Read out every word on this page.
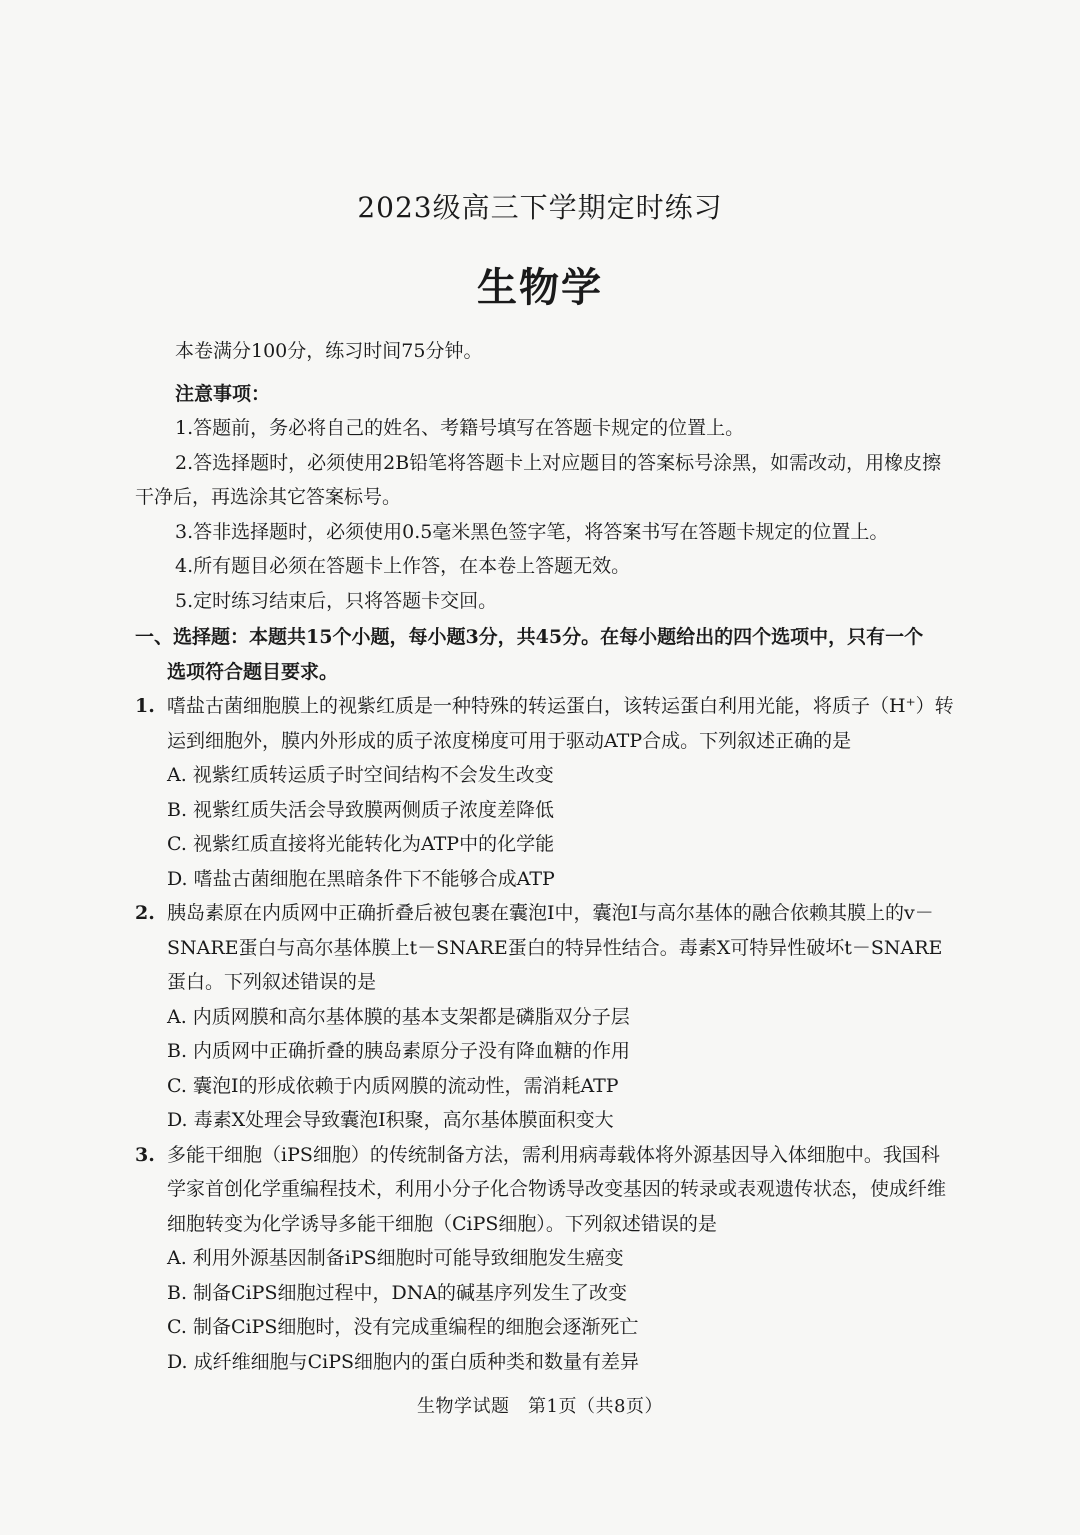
2023级高三下学期定时练习
生物学

本卷满分100分，练习时间75分钟。

注意事项：

1.答题前，务必将自己的姓名、考籍号填写在答题卡规定的位置上。

2.答选择题时，必须使用2B铅笔将答题卡上对应题目的答案标号涂黑，如需改动，用橡皮擦干净后，再选涂其它答案标号。

3.答非选择题时，必须使用0.5毫米黑色签字笔，将答案书写在答题卡规定的位置上。

4.所有题目必须在答题卡上作答，在本卷上答题无效。

5.定时练习结束后，只将答题卡交回。

一、选择题：本题共15个小题，每小题3分，共45分。在每小题给出的四个选项中，只有一个
选项符合题目要求。
1. 嗜盐古菌细胞膜上的视紫红质是一种特殊的转运蛋白，该转运蛋白利用光能，将质子（H⁺）转运到细胞外，膜内外形成的质子浓度梯度可用于驱动ATP合成。下列叙述正确的是

A. 视紫红质转运质子时空间结构不会发生改变

B. 视紫红质失活会导致膜两侧质子浓度差降低

C. 视紫红质直接将光能转化为ATP中的化学能

D. 嗜盐古菌细胞在黑暗条件下不能够合成ATP

2. 胰岛素原在内质网中正确折叠后被包裹在囊泡Ⅰ中，囊泡Ⅰ与高尔基体的融合依赖其膜上的v－SNARE蛋白与高尔基体膜上t－SNARE蛋白的特异性结合。毒素X可特异性破坏t－SNARE蛋白。下列叙述错误的是

A. 内质网膜和高尔基体膜的基本支架都是磷脂双分子层

B. 内质网中正确折叠的胰岛素原分子没有降血糖的作用

C. 囊泡Ⅰ的形成依赖于内质网膜的流动性，需消耗ATP

D. 毒素X处理会导致囊泡Ⅰ积聚，高尔基体膜面积变大

3. 多能干细胞（iPS细胞）的传统制备方法，需利用病毒载体将外源基因导入体细胞中。我国科学家首创化学重编程技术，利用小分子化合物诱导改变基因的转录或表观遗传状态，使成纤维细胞转变为化学诱导多能干细胞（CiPS细胞）。下列叙述错误的是

A. 利用外源基因制备iPS细胞时可能导致细胞发生癌变

B. 制备CiPS细胞过程中，DNA的碱基序列发生了改变

C. 制备CiPS细胞时，没有完成重编程的细胞会逐渐死亡

D. 成纤维细胞与CiPS细胞内的蛋白质种类和数量有差异

生物学试题　第1页（共8页）
